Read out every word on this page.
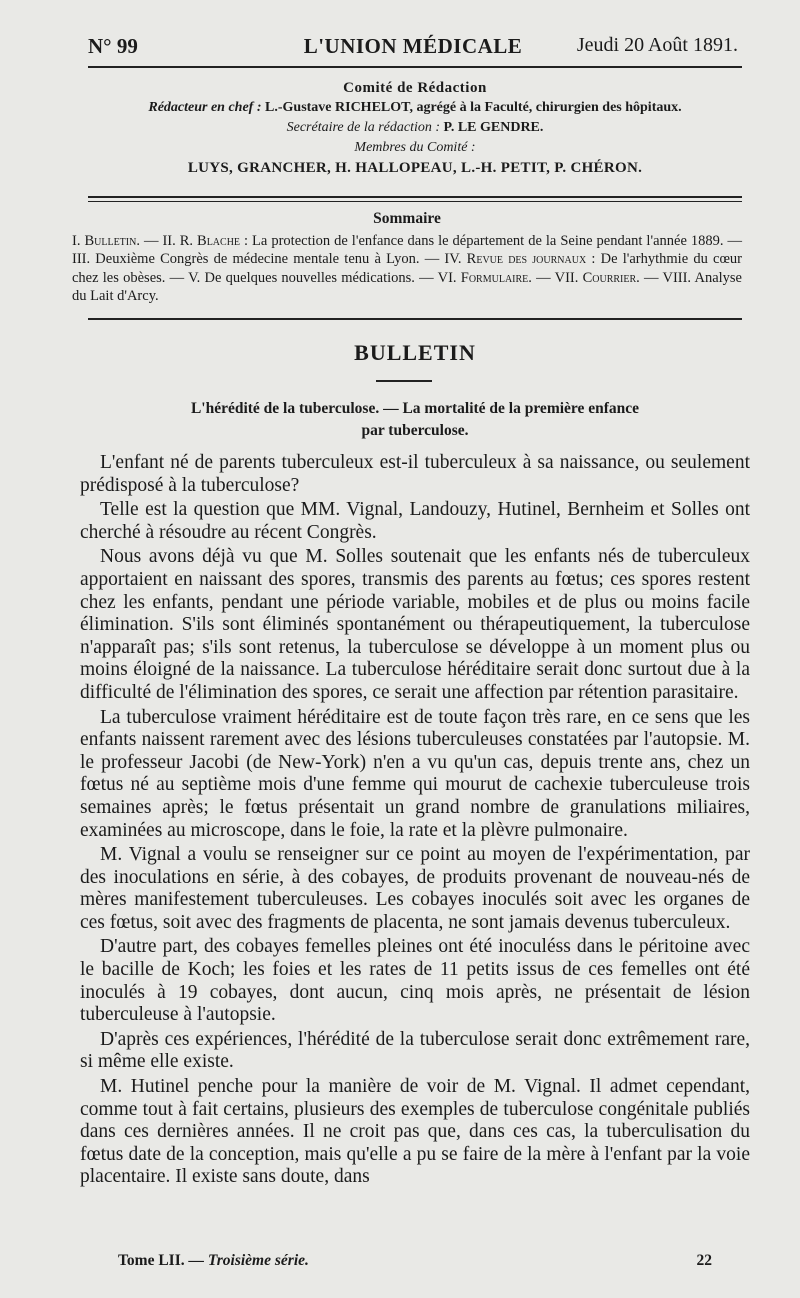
N° 99	L'UNION MÉDICALE	Jeudi 20 Août 1891.
Comité de Rédaction
Rédacteur en chef : L.-Gustave RICHELOT, agrégé à la Faculté, chirurgien des hôpitaux.
Secrétaire de la rédaction : P. LE GENDRE.
Membres du Comité :
LUYS, GRANCHER, H. HALLOPEAU, L.-H. PETIT, P. CHÉRON.
Sommaire
I. Bulletin. — II. R. Blache : La protection de l'enfance dans le département de la Seine pendant l'année 1889. — III. Deuxième Congrès de médecine mentale tenu à Lyon. — IV. Revue des journaux : De l'arhythmie du cœur chez les obèses. — V. De quelques nouvelles médications. — VI. Formulaire. — VII. Courrier. — VIII. Analyse du Lait d'Arcy.
BULLETIN
L'hérédité de la tuberculose. — La mortalité de la première enfance
par tuberculose.

L'enfant né de parents tuberculeux est-il tuberculeux à sa naissance, ou seulement prédisposé à la tuberculose?

Telle est la question que MM. Vignal, Landouzy, Hutinel, Bernheim et Solles ont cherché à résoudre au récent Congrès.

Nous avons déjà vu que M. Solles soutenait que les enfants nés de tuberculeux apportaient en naissant des spores, transmis des parents au fœtus; ces spores restent chez les enfants, pendant une période variable, mobiles et de plus ou moins facile élimination. S'ils sont éliminés spontanément ou thérapeutiquement, la tuberculose n'apparaît pas; s'ils sont retenus, la tuberculose se développe à un moment plus ou moins éloigné de la naissance. La tuberculose héréditaire serait donc surtout due à la difficulté de l'élimination des spores, ce serait une affection par rétention parasitaire.

La tuberculose vraiment héréditaire est de toute façon très rare, en ce sens que les enfants naissent rarement avec des lésions tuberculeuses constatées par l'autopsie. M. le professeur Jacobi (de New-York) n'en a vu qu'un cas, depuis trente ans, chez un fœtus né au septième mois d'une femme qui mourut de cachexie tuberculeuse trois semaines après; le fœtus présentait un grand nombre de granulations miliaires, examinées au microscope, dans le foie, la rate et la plèvre pulmonaire.

M. Vignal a voulu se renseigner sur ce point au moyen de l'expérimentation, par des inoculations en série, à des cobayes, de produits provenant de nouveau-nés de mères manifestement tuberculeuses. Les cobayes inoculés soit avec les organes de ces fœtus, soit avec des fragments de placenta, ne sont jamais devenus tuberculeux.

D'autre part, des cobayes femelles pleines ont été inoculéss dans le péritoine avec le bacille de Koch; les foies et les rates de 11 petits issus de ces femelles ont été inoculés à 19 cobayes, dont aucun, cinq mois après, ne présentait de lésion tuberculeuse à l'autopsie.

D'après ces expériences, l'hérédité de la tuberculose serait donc extrêmement rare, si même elle existe.

M. Hutinel penche pour la manière de voir de M. Vignal. Il admet cependant, comme tout à fait certains, plusieurs des exemples de tuberculose congénitale publiés dans ces dernières années. Il ne croit pas que, dans ces cas, la tuberculisation du fœtus date de la conception, mais qu'elle a pu se faire de la mère à l'enfant par la voie placentaire. Il existe sans doute, dans

Tome LII. — Troisième série.	22
